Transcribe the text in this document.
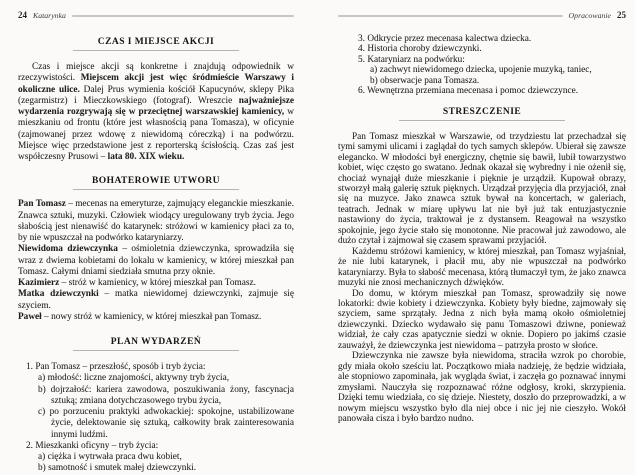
24 Katarynka
CZAS I MIEJSCE AKCJI

Czas i miejsce akcji są konkretne i znajdują odpowiednik w rzeczywistości. Miejscem akcji jest więc śródmieście Warszawy i okoliczne ulice. Dalej Prus wymienia kościół Kapucynów, sklepy Pika (zegarmistrz) i Mieczkowskiego (fotograf). Wreszcie najważniejsze wydarzenia rozgrywają się w przeciętnej warszawskiej kamienicy, w mieszkaniu od frontu (które jest własnością pana Tomasza), w oficynie (zajmowanej przez wdowę z niewidomą córeczką) i na podwórzu. Miejsce więc przedstawione jest z reporterską ścisłością. Czas zaś jest współczesny Prusowi – lata 80. XIX wieku.

BOHATEROWIE UTWORU

Pan Tomasz – mecenas na emeryturze, zajmujący eleganckie mieszkanie. Znawca sztuki, muzyki. Człowiek wiodący uregulowany tryb życia. Jego słabością jest nienawiść do katarynek: stróżowi w kamienicy płaci za to, by nie wpuszczał na podwórko kataryniarzy.

Niewidoma dziewczynka – ośmioletnia dziewczynka, sprowadziła się wraz z dwiema kobietami do lokalu w kamienicy, w której mieszkał pan Tomasz. Całymi dniami siedziała smutna przy oknie.

Kazimierz – stróż w kamienicy, w której mieszkał pan Tomasz.

Matka dziewczynki – matka niewidomej dziewczynki, zajmuje się szyciem.

Paweł – nowy stróż w kamienicy, w której mieszkał pan Tomasz.

PLAN WYDARZEŃ

1. Pan Tomasz – przeszłość, sposób i tryb życia:

a) młodość: liczne znajomości, aktywny tryb życia,

b) dojrzałość: kariera zawodowa, poszukiwania żony, fascynacja sztuką; zmiana dotychczasowego trybu życia,

c) po porzuceniu praktyki adwokackiej: spokojne, ustabilizowane życie, delektowanie się sztuką, całkowity brak zainteresowania innymi ludźmi.

2. Mieszkanki oficyny – tryb życia:

a) ciężka i wytrwała praca dwu kobiet,

b) samotność i smutek małej dziewczynki.

Opracowanie 25

3. Odkrycie przez mecenasa kalectwa dziecka.

4. Historia choroby dziewczynki.

5. Kataryniarz na podwórku:

a) zachwyt niewidomego dziecka, upojenie muzyką, taniec,

b) obserwacje pana Tomasza.

6. Wewnętrzna przemiana mecenasa i pomoc dziewczynce.

STRESZCZENIE

Pan Tomasz mieszkał w Warszawie, od trzydziestu lat przechadzał się tymi samymi ulicami i zaglądał do tych samych sklepów. Ubierał się zawsze elegancko. W młodości był energiczny, chętnie się bawił, lubił towarzystwo kobiet, więc często go swatano. Jednak okazał się wybredny i nie ożenił się, chociaż wynajął duże mieszkanie i pięknie je urządził. Kupował obrazy, stworzył małą galerię sztuk pięknych. Urządzał przyjęcia dla przyjaciół, znał się na muzyce. Jako znawca sztuk bywał na koncertach, w galeriach, teatrach. Jednak w miarę upływu lat nie był już tak entuzjastycznie nastawiony do życia, traktował je z dystansem. Reagował na wszystko spokojnie, jego życie stało się monotonne. Nie pracował już zawodowo, ale dużo czytał i zajmował się czasem sprawami przyjaciół.

Każdemu stróżowi kamienicy, w której mieszkał, pan Tomasz wyjaśniał, że nie lubi katarynek, i płacił mu, aby nie wpuszczał na podwórko kataryniarzy. Była to słabość mecenasa, którą tłumaczył tym, że jako znawca muzyki nie znosi mechanicznych dźwięków.

Do domu, w którym mieszkał pan Tomasz, sprowadziły się nowe lokatorki: dwie kobiety i dziewczynka. Kobiety były biedne, zajmowały się szyciem, same sprzątały. Jedna z nich była mamą około ośmioletniej dziewczynki. Dziecko wydawało się panu Tomaszowi dziwne, ponieważ widział, że cały czas apatycznie siedzi w oknie. Dopiero po jakimś czasie zauważył, że dziewczynka jest niewidoma – patrzyła prosto w słońce.

Dziewczynka nie zawsze była niewidoma, straciła wzrok po chorobie, gdy miała około sześciu lat. Początkowo miała nadzieję, że będzie widziała, ale stopniowo zapominała, jak wygląda świat, i zaczęła go poznawać innymi zmysłami. Nauczyła się rozpoznawać różne odgłosy, kroki, skrzypienia. Dzięki temu wiedziała, co się dzieje. Niestety, doszło do przeprowadzki, a w nowym miejscu wszystko było dla niej obce i nic jej nie cieszyło. Wokół panowała cisza i było bardzo nudno.
